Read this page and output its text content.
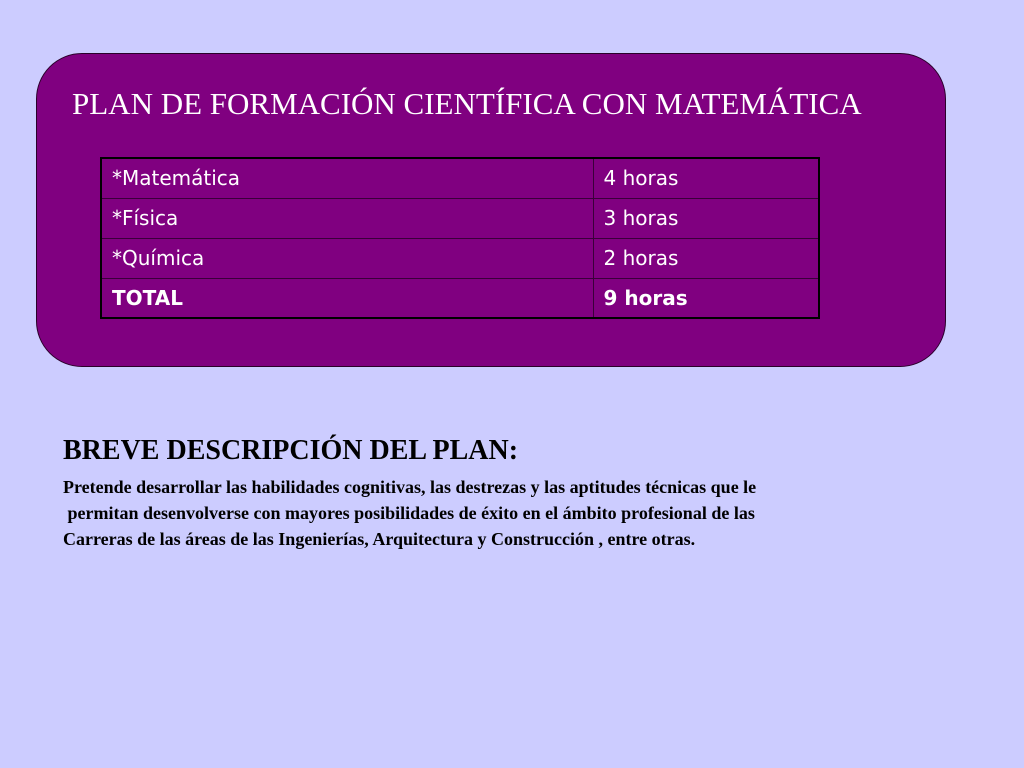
PLAN DE FORMACIÓN CIENTÍFICA CON MATEMÁTICA
*Matemática	4 horas
*Física	3 horas
*Química	2 horas
TOTAL	9 horas
BREVE DESCRIPCIÓN DEL PLAN:
Pretende desarrollar las habilidades cognitivas, las destrezas y las aptitudes técnicas que le
permitan desenvolverse con mayores posibilidades de éxito en el ámbito profesional de las
Carreras de las áreas de las Ingenierías, Arquitectura y Construcción , entre otras.
